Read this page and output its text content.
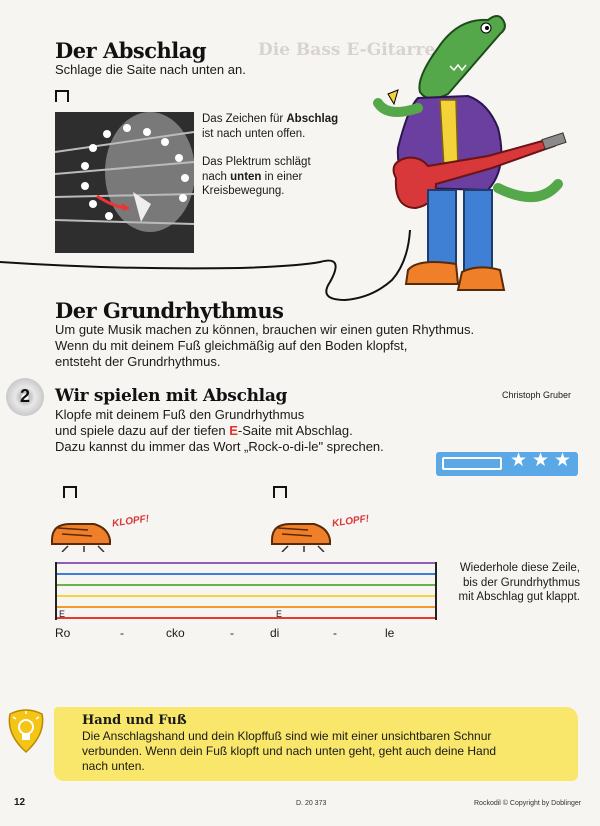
Die Bass E-Gitarre
Der Abschlag
Schlage die Saite nach unten an.
Das Zeichen für Abschlag
ist nach unten offen.
Das Plektrum schlägt
nach unten in einer
Kreisbewegung.
Der Grundrhythmus
Um gute Musik machen zu können, brauchen wir einen guten Rhythmus.
Wenn du mit deinem Fuß gleichmäßig auf den Boden klopfst,
entsteht der Grundrhythmus.
2	Wir spielen mit Abschlag	Christoph Gruber
Klopfe mit deinem Fuß den Grundrhythmus
und spiele dazu auf der tiefen E-Saite mit Abschlag.
Dazu kannst du immer das Wort „Rock-o-di-le" sprechen.
★ ★ ★
KLOPF!	KLOPF!
E	E
Ro	-	cko	-	di	-	le
Wiederhole diese Zeile,
bis der Grundrhythmus
mit Abschlag gut klappt.
Hand und Fuß
Die Anschlagshand und dein Klopffuß sind wie mit einer unsichtbaren Schnur
verbunden. Wenn dein Fuß klopft und nach unten geht, geht auch deine Hand
nach unten.
12	D. 20 373	Rockodil © Copyright by Doblinger
